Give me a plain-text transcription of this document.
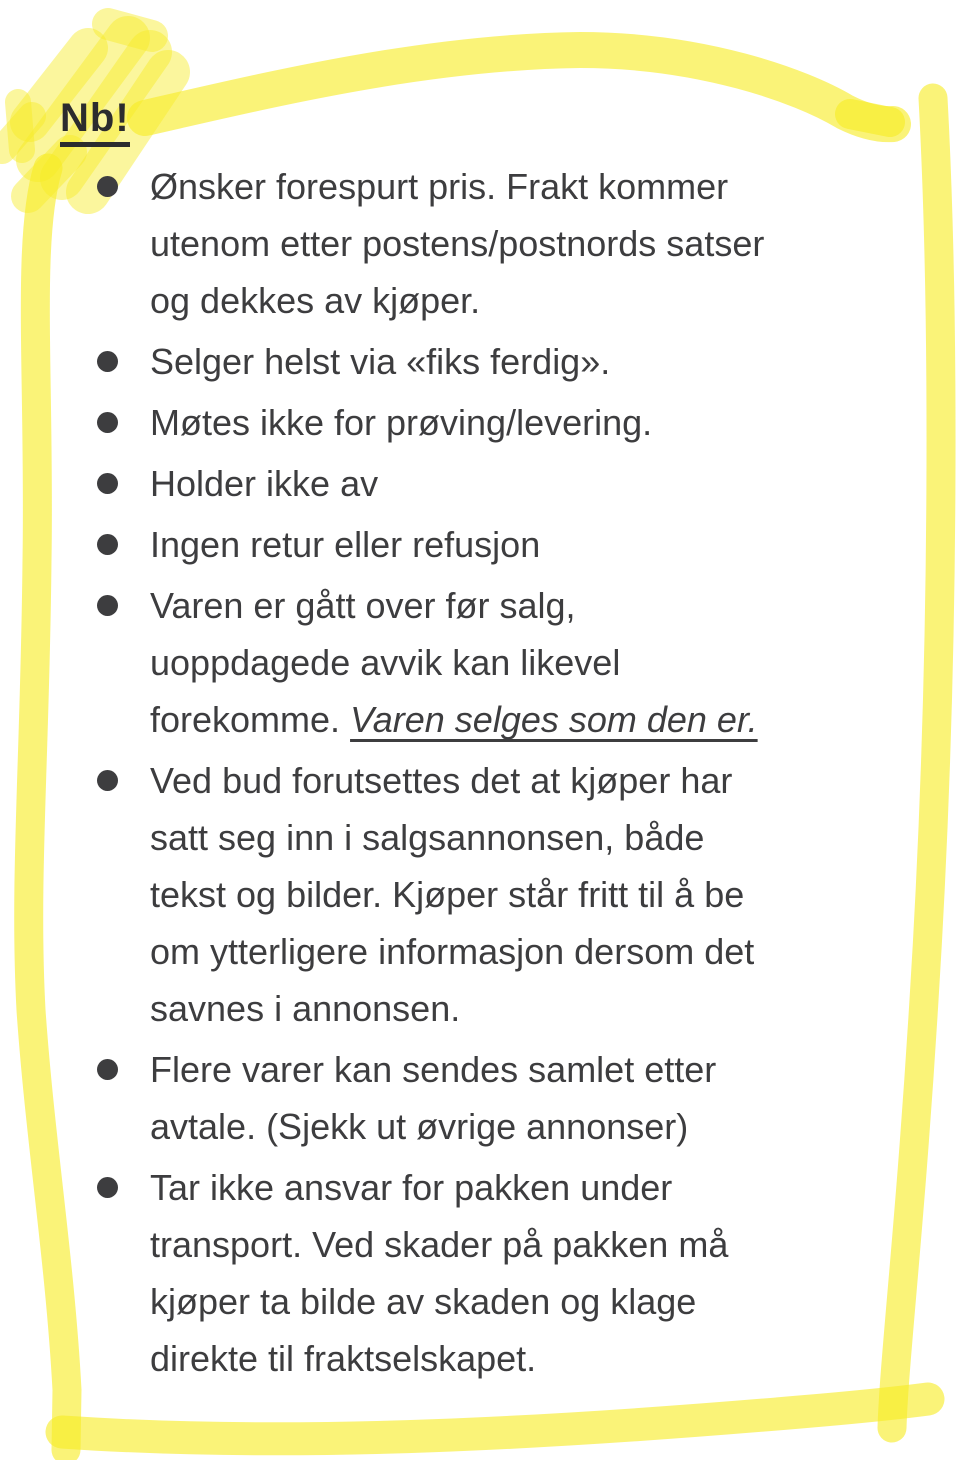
Nb!
Ønsker forespurt pris. Frakt kommer
utenom etter postens/postnords satser
og dekkes av kjøper.
Selger helst via «fiks ferdig».
Møtes ikke for prøving/levering.
Holder ikke av
Ingen retur eller refusjon
Varen er gått over før salg,
uoppdagede avvik kan likevel
forekomme. Varen selges som den er.
Ved bud forutsettes det at kjøper har
satt seg inn i salgsannonsen, både
tekst og bilder. Kjøper står fritt til å be
om ytterligere informasjon dersom det
savnes i annonsen.
Flere varer kan sendes samlet etter
avtale. (Sjekk ut øvrige annonser)
Tar ikke ansvar for pakken under
transport. Ved skader på pakken må
kjøper ta bilde av skaden og klage
direkte til fraktselskapet.
